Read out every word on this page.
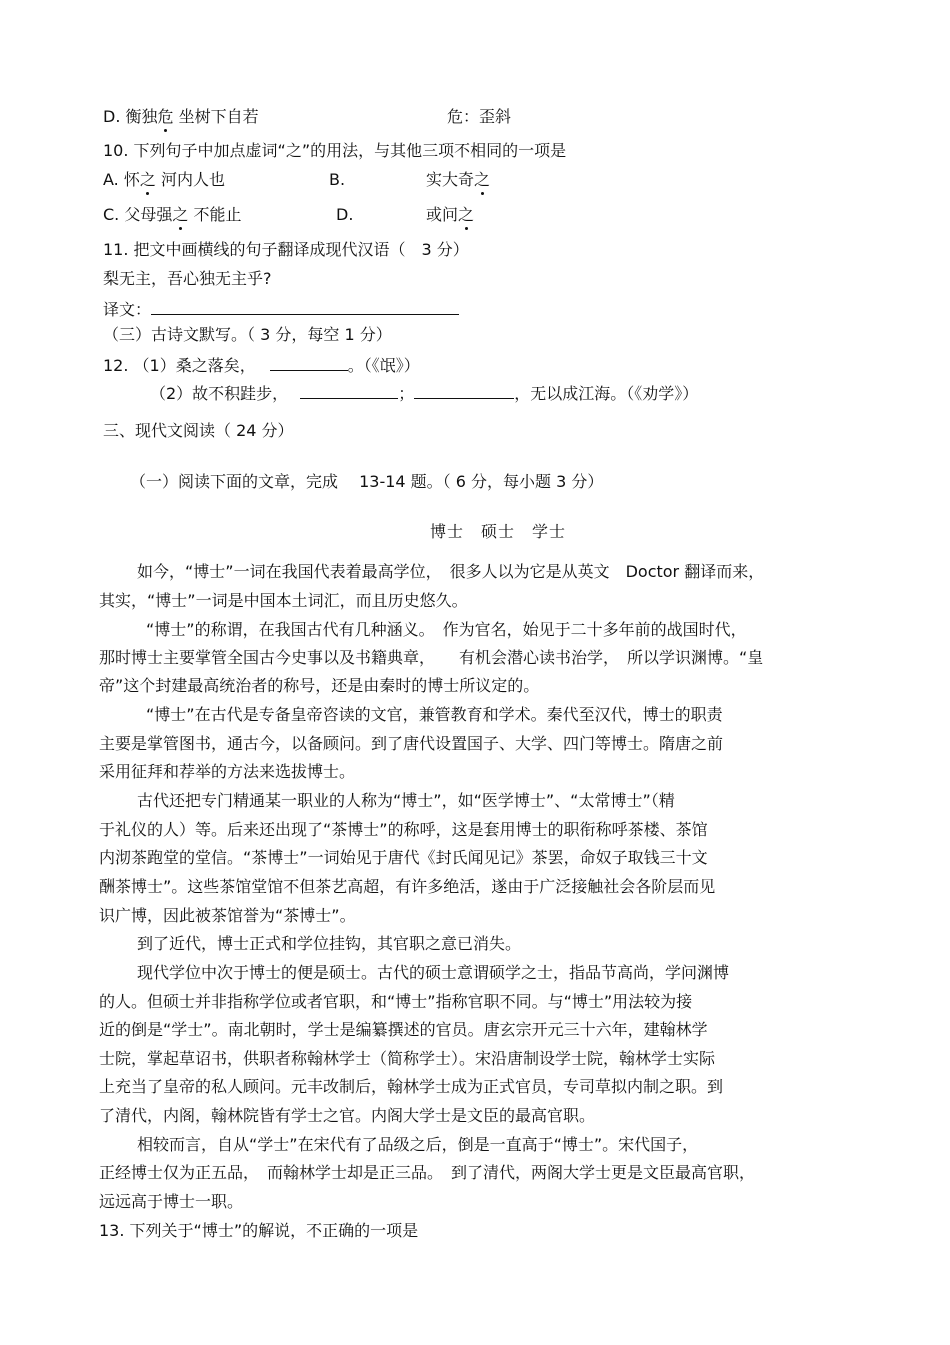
D. 衡独危 坐树下自若	危：歪斜
10. 下列句子中加点虚词“之”的用法，与其他三项不相同的一项是
A. 怀之 河内人也	B.	实大奇之
C. 父母强之 不能止	D.	或问之
11. 把文中画横线的句子翻译成现代汉语（　3 分）
梨无主，吾心独无主乎?
译文：
（三）古诗文默写。（ 3 分，每空 1 分）
12. （1）桑之落矣，	。（《氓》）
（2）故不积跬步，	；	，无以成江海。（《劝学》）
三、现代文阅读（ 24 分）
（一）阅读下面的文章，完成　 13-14 题。（ 6 分，每小题 3 分）
博士　硕士　学士
如今，“博士”一词在我国代表着最高学位，　很多人以为它是从英文　Doctor 翻译而来，
其实，“博士”一词是中国本土词汇，而且历史悠久。
“博士”的称谓，在我国古代有几种涵义。　作为官名，始见于二十多年前的战国时代，
那时博士主要掌管全国古今史事以及书籍典章，　　有机会潜心读书治学，　所以学识渊博。“皇
帝”这个封建最高统治者的称号，还是由秦时的博士所议定的。
“博士”在古代是专备皇帝咨读的文官，兼管教育和学术。秦代至汉代，博士的职责
主要是掌管图书，通古今，以备顾问。到了唐代设置国子、大学、四门等博士。隋唐之前
采用征拜和荐举的方法来选拔博士。
古代还把专门精通某一职业的人称为“博士”，如“医学博士”、“太常博士”（精
于礼仪的人）等。后来还出现了“茶博士”的称呼，这是套用博士的职衔称呼茶楼、茶馆
内沏茶跑堂的堂信。“茶博士”一词始见于唐代《封氏闻见记》茶罢，命奴子取钱三十文
酬茶博士”。这些茶馆堂馆不但茶艺高超，有许多绝活，遂由于广泛接触社会各阶层而见
识广博，因此被茶馆誉为“茶博士”。
到了近代，博士正式和学位挂钩，其官职之意已消失。
现代学位中次于博士的便是硕士。古代的硕士意谓硕学之士，指品节高尚，学问渊博
的人。但硕士并非指称学位或者官职，和“博士”指称官职不同。与“博士”用法较为接
近的倒是“学士”。南北朝时，学士是编纂撰述的官员。唐玄宗开元三十六年，建翰林学
士院，掌起草诏书，供职者称翰林学士（简称学士）。宋沿唐制设学士院，翰林学士实际
上充当了皇帝的私人顾问。元丰改制后，翰林学士成为正式官员，专司草拟内制之职。到
了清代，内阁，翰林院皆有学士之官。内阁大学士是文臣的最高官职。
相较而言，自从“学士”在宋代有了品级之后，倒是一直高于“博士”。宋代国子，
正经博士仅为正五品，　而翰林学士却是正三品。　到了清代，两阁大学士更是文臣最高官职，
远远高于博士一职。
13. 下列关于“博士”的解说，不正确的一项是
